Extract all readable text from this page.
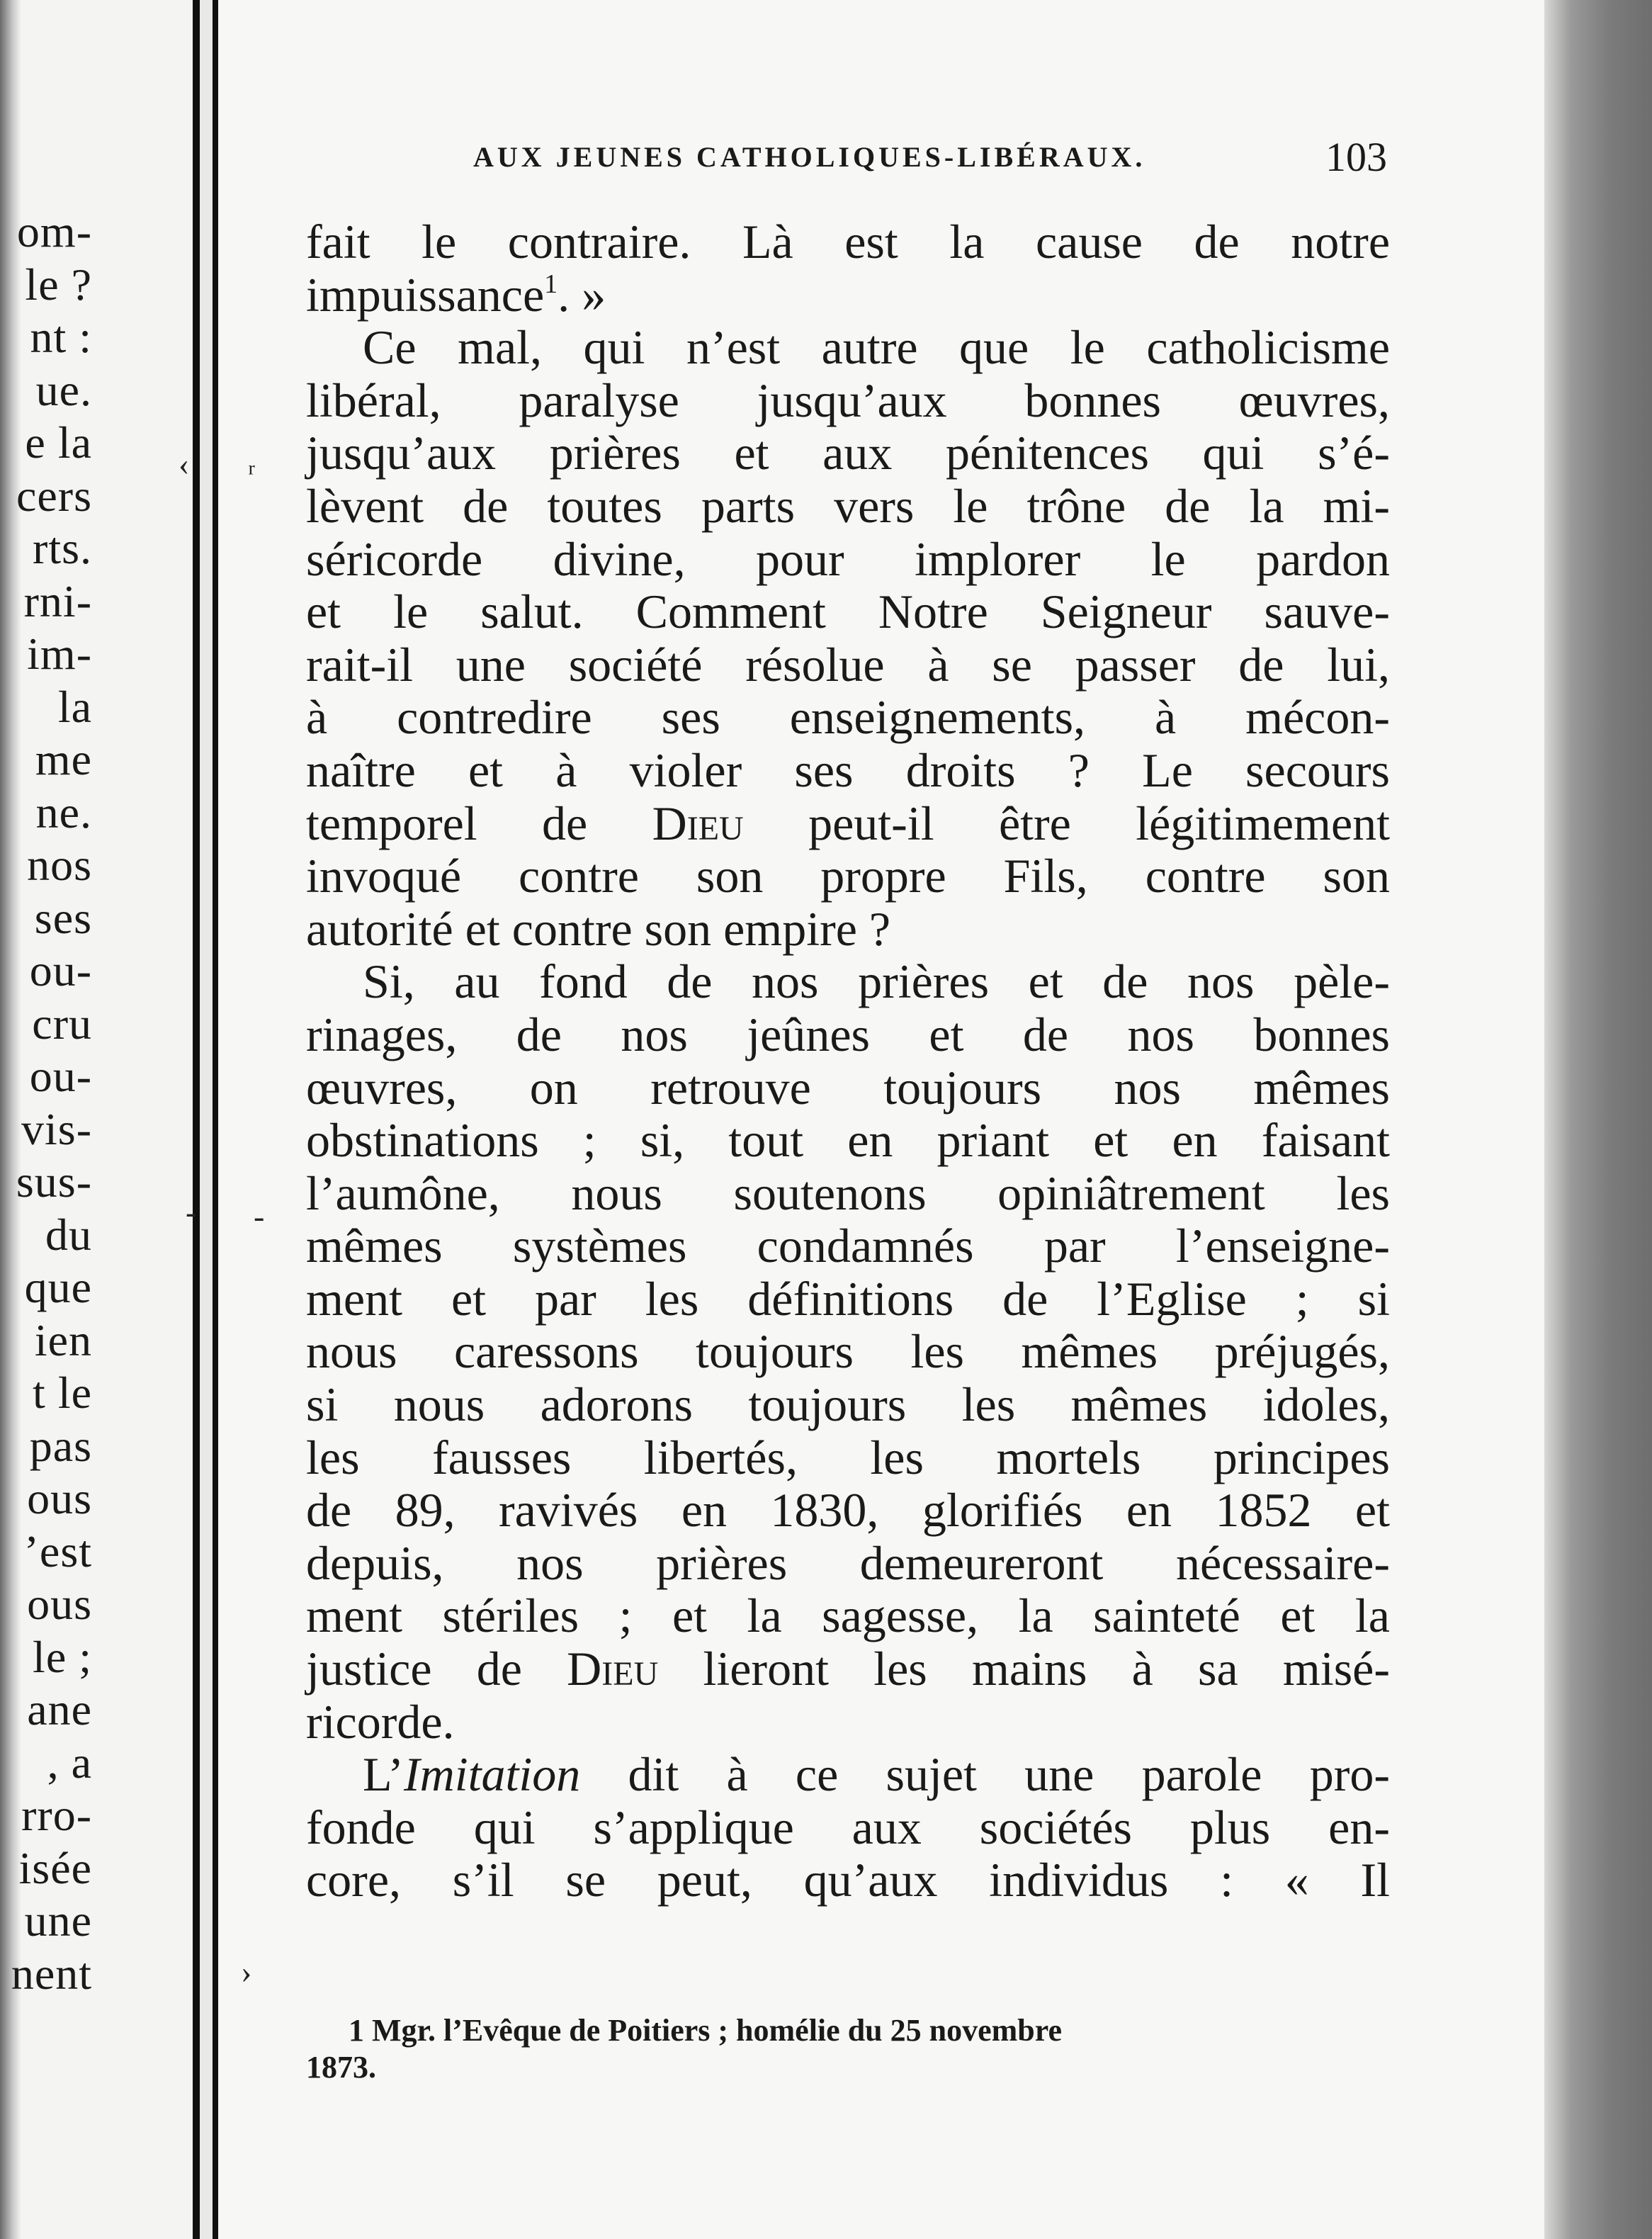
om-
le ?
nt :
ue.
e la
cers
rts.
rni-
im-
la
me
ne.
nos
ses
ou-
cru
ou-
vis-
sus-
du
que
ien
t le
pas
ous
’est
ous
le ;
ane
, a
rro-
isée
une
nent
AUX JEUNES CATHOLIQUES-LIBÉRAUX.	103
‹ ʳ
-
-
›
fait le contraire. Là est la cause de notre
impuissance$^1$. »
Ce mal, qui n’est autre que le catholicisme
libéral, paralyse jusqu’aux bonnes œuvres,
jusqu’aux prières et aux pénitences qui s’é-
lèvent de toutes parts vers le trône de la mi-
séricorde divine, pour implorer le pardon
et le salut. Comment Notre Seigneur sauve-
rait-il une société résolue à se passer de lui,
à contredire ses enseignements, à mécon-
naître et à violer ses droits ? Le secours
temporel de Dieu peut-il être légitimement
invoqué contre son propre Fils, contre son
autorité et contre son empire ?
Si, au fond de nos prières et de nos pèle-
rinages, de nos jeûnes et de nos bonnes
œuvres, on retrouve toujours nos mêmes
obstinations ; si, tout en priant et en faisant
l’aumône, nous soutenons opiniâtrement les
mêmes systèmes condamnés par l’enseigne-
ment et par les définitions de l’Eglise ; si
nous caressons toujours les mêmes préjugés,
si nous adorons toujours les mêmes idoles,
les fausses libertés, les mortels principes
de 89, ravivés en 1830, glorifiés en 1852 et
depuis, nos prières demeureront nécessaire-
ment stériles ; et la sagesse, la sainteté et la
justice de Dieu lieront les mains à sa misé-
ricorde.
L’Imitation dit à ce sujet une parole pro-
fonde qui s’applique aux sociétés plus en-
core, s’il se peut, qu’aux individus : « Il
1 Mgr. l’Evêque de Poitiers ; homélie du 25 novembre
1873.
